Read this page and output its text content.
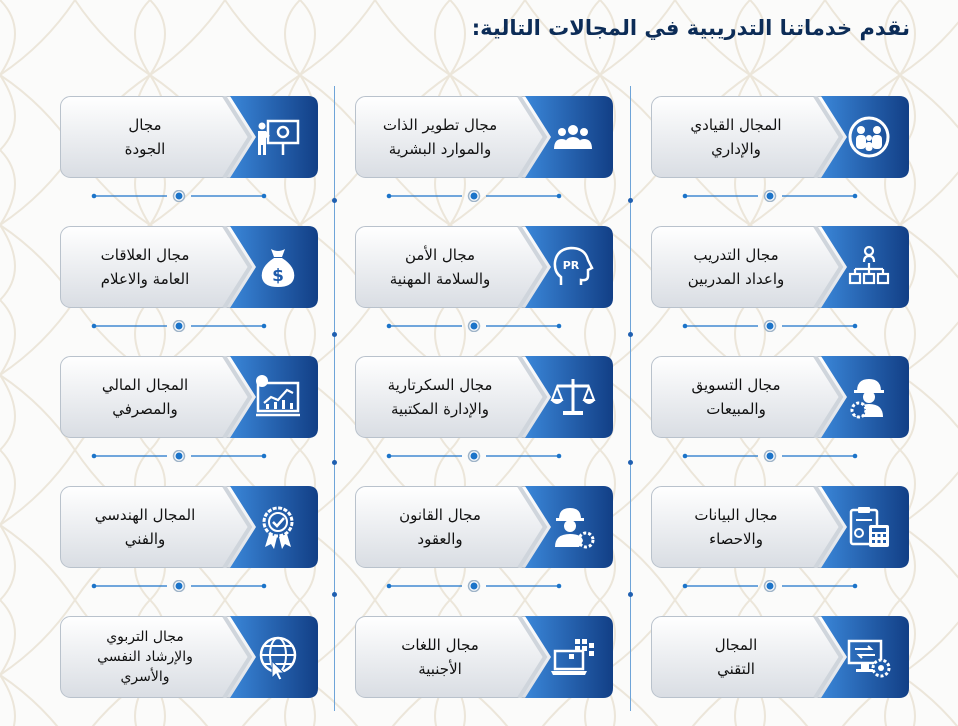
نقدم خدماتنا التدريبية في المجالات التالية:
المجال القيادي
والإداري
مجال تطوير الذات
والموارد البشرية
مجال
الجودة
مجال التدريب
واعداد المدربين
PR
مجال الأمن
والسلامة المهنية
$
مجال العلاقات
العامة والاعلام
مجال التسويق
والمبيعات
مجال السكرتارية
والإدارة المكتبية
المجال المالي
والمصرفي
مجال البيانات
والاحصاء
مجال القانون
والعقود
المجال الهندسي
والفني
المجال
التقني
مجال اللغات
الأجنبية
مجال التربوي
والإرشاد النفسي
والأسري
